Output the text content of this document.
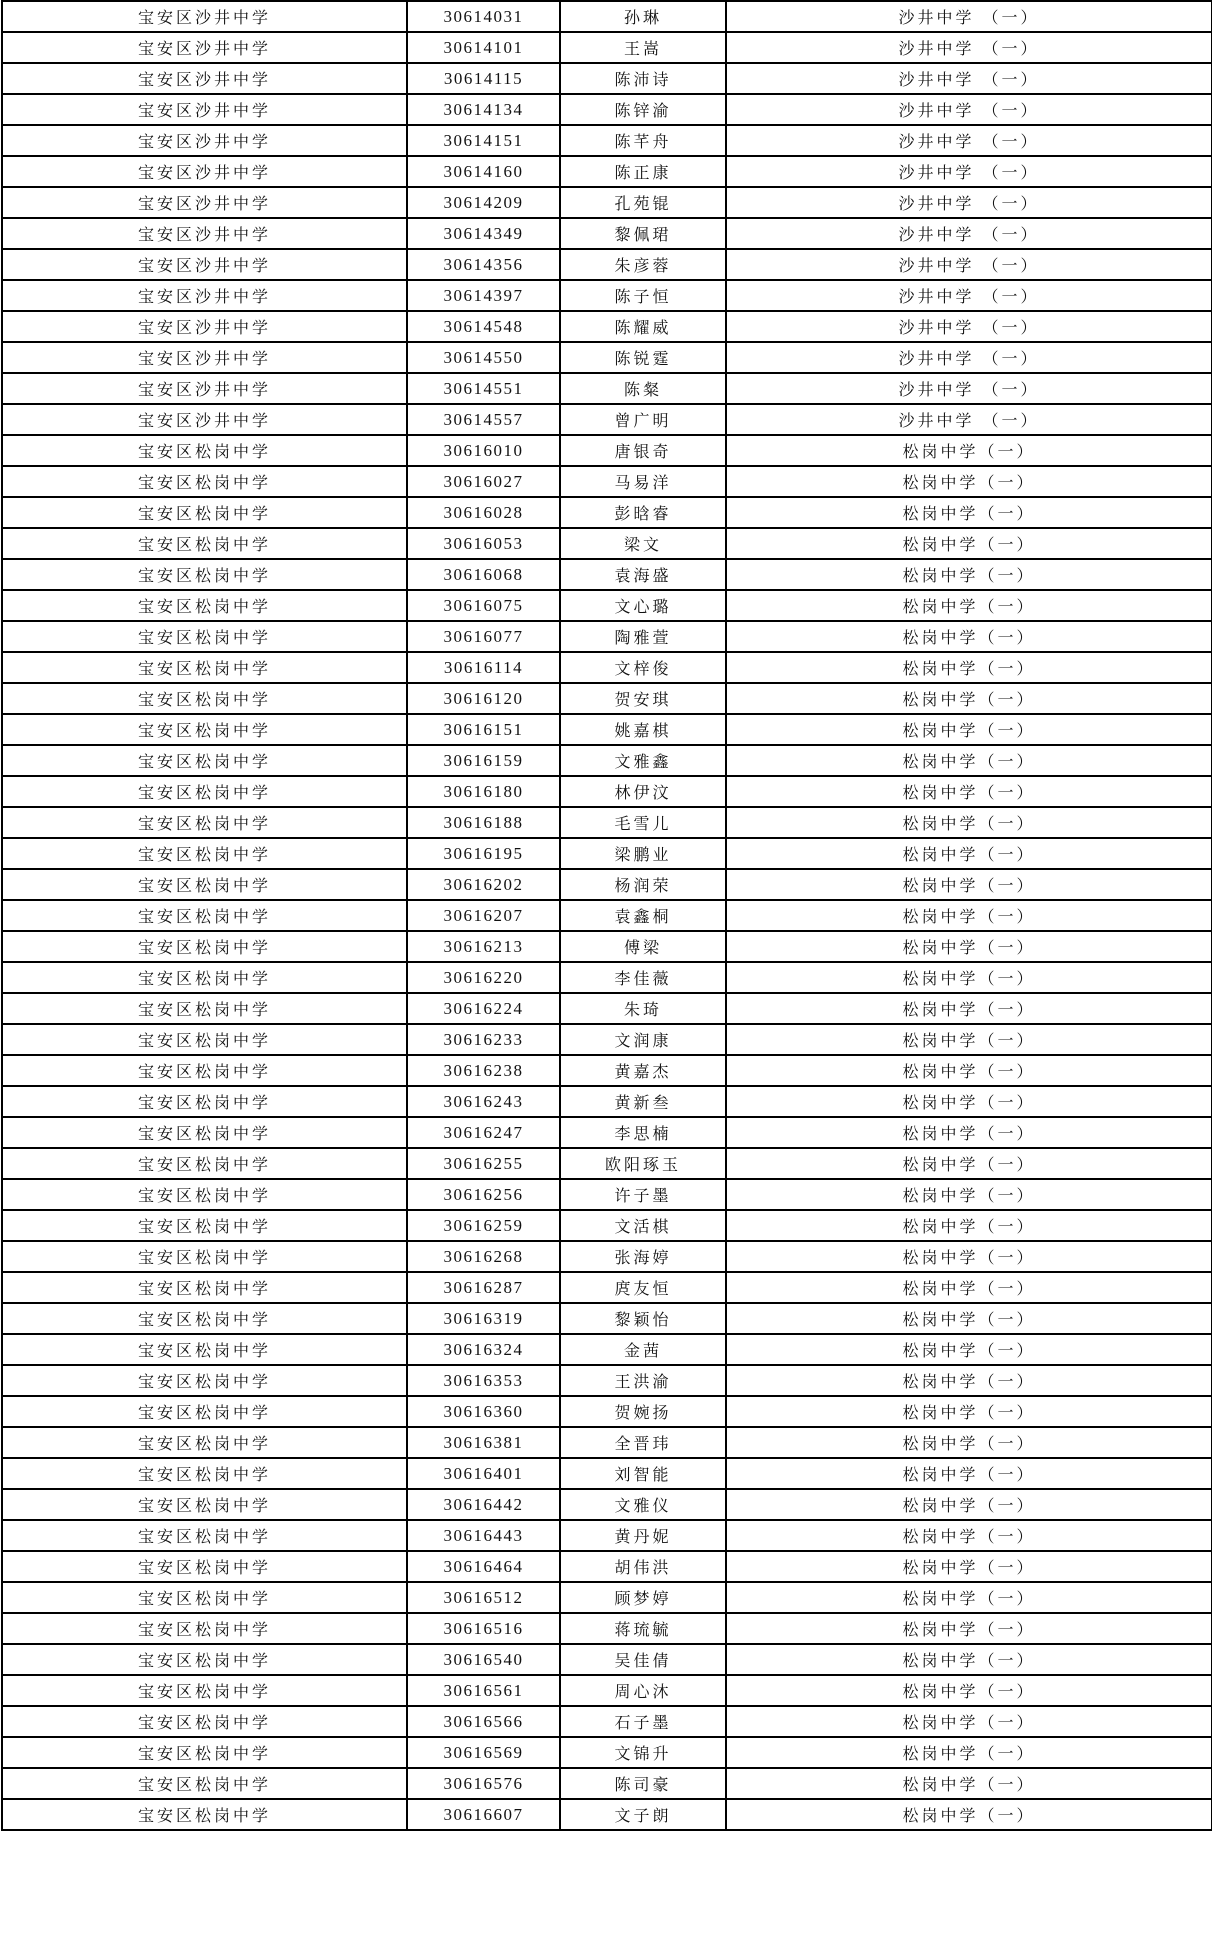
宝安区沙井中学	30614031	孙琳	沙井中学 （一）
宝安区沙井中学	30614101	王嵩	沙井中学 （一）
宝安区沙井中学	30614115	陈沛诗	沙井中学 （一）
宝安区沙井中学	30614134	陈锌渝	沙井中学 （一）
宝安区沙井中学	30614151	陈芊舟	沙井中学 （一）
宝安区沙井中学	30614160	陈正康	沙井中学 （一）
宝安区沙井中学	30614209	孔苑锟	沙井中学 （一）
宝安区沙井中学	30614349	黎佩珺	沙井中学 （一）
宝安区沙井中学	30614356	朱彦蓉	沙井中学 （一）
宝安区沙井中学	30614397	陈子恒	沙井中学 （一）
宝安区沙井中学	30614548	陈耀威	沙井中学 （一）
宝安区沙井中学	30614550	陈锐霆	沙井中学 （一）
宝安区沙井中学	30614551	陈粲	沙井中学 （一）
宝安区沙井中学	30614557	曾广明	沙井中学 （一）
宝安区松岗中学	30616010	唐银奇	松岗中学（一）
宝安区松岗中学	30616027	马易洋	松岗中学（一）
宝安区松岗中学	30616028	彭晗睿	松岗中学（一）
宝安区松岗中学	30616053	梁文	松岗中学（一）
宝安区松岗中学	30616068	袁海盛	松岗中学（一）
宝安区松岗中学	30616075	文心璐	松岗中学（一）
宝安区松岗中学	30616077	陶雅萱	松岗中学（一）
宝安区松岗中学	30616114	文梓俊	松岗中学（一）
宝安区松岗中学	30616120	贺安琪	松岗中学（一）
宝安区松岗中学	30616151	姚嘉棋	松岗中学（一）
宝安区松岗中学	30616159	文雅鑫	松岗中学（一）
宝安区松岗中学	30616180	林伊汶	松岗中学（一）
宝安区松岗中学	30616188	毛雪儿	松岗中学（一）
宝安区松岗中学	30616195	梁鹏业	松岗中学（一）
宝安区松岗中学	30616202	杨润荣	松岗中学（一）
宝安区松岗中学	30616207	袁鑫桐	松岗中学（一）
宝安区松岗中学	30616213	傅梁	松岗中学（一）
宝安区松岗中学	30616220	李佳薇	松岗中学（一）
宝安区松岗中学	30616224	朱琦	松岗中学（一）
宝安区松岗中学	30616233	文润康	松岗中学（一）
宝安区松岗中学	30616238	黄嘉杰	松岗中学（一）
宝安区松岗中学	30616243	黄新叁	松岗中学（一）
宝安区松岗中学	30616247	李思楠	松岗中学（一）
宝安区松岗中学	30616255	欧阳琢玉	松岗中学（一）
宝安区松岗中学	30616256	许子墨	松岗中学（一）
宝安区松岗中学	30616259	文活棋	松岗中学（一）
宝安区松岗中学	30616268	张海婷	松岗中学（一）
宝安区松岗中学	30616287	庹友恒	松岗中学（一）
宝安区松岗中学	30616319	黎颖怡	松岗中学（一）
宝安区松岗中学	30616324	金茜	松岗中学（一）
宝安区松岗中学	30616353	王洪渝	松岗中学（一）
宝安区松岗中学	30616360	贺婉扬	松岗中学（一）
宝安区松岗中学	30616381	全晋玮	松岗中学（一）
宝安区松岗中学	30616401	刘智能	松岗中学（一）
宝安区松岗中学	30616442	文雅仪	松岗中学（一）
宝安区松岗中学	30616443	黄丹妮	松岗中学（一）
宝安区松岗中学	30616464	胡伟洪	松岗中学（一）
宝安区松岗中学	30616512	顾梦婷	松岗中学（一）
宝安区松岗中学	30616516	蒋琉毓	松岗中学（一）
宝安区松岗中学	30616540	吴佳倩	松岗中学（一）
宝安区松岗中学	30616561	周心沐	松岗中学（一）
宝安区松岗中学	30616566	石子墨	松岗中学（一）
宝安区松岗中学	30616569	文锦升	松岗中学（一）
宝安区松岗中学	30616576	陈司豪	松岗中学（一）
宝安区松岗中学	30616607	文子朗	松岗中学（一）
